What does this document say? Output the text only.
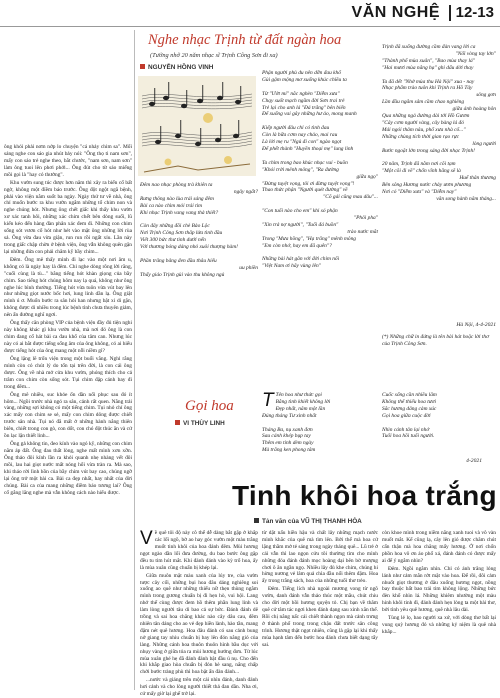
VĂN NGHỆ 12-13

ông khói phải nơm nớp lo chuyện "cá nhảy chim sa". Mối sáng nghe con sáo gia nhút bảy nói: "Ông thọ ti nam sơn", mấy con sáo trẻ nghe theo, bắt chước, "nam sơn, nam sơn" làm ông tuoi lên phơi phới... Ông đút cho từ sáo miếng mồi gọi là "hay có thưởng".

Khu vườn sung túc được hơn năm thì xây ra biến cố bất ngờ, không một điềm báo trước. Ông đột ngột ngã bệnh, phải vào viện nằm suốt ba ngày. Ngày thứ tư về nhà, ông chỉ muốn bước ra khu vườn ngắm những tổ chim non và nghe chúng hót. Nhưng ông chết giấc khi thấy khu vườn xơ xác tanh hôi, những xác chim chết bên dòng suối, lũ kiến kéo đến hàng đàn phân xác đem đi. Những con chim sống sót vươn cổ hót như hét vào mặt ông những lời rùa sả. Ông vừa đau vừa giận, run run rồi ngất xỉu. Lần này trong giấc chập chờn ở bệnh viện, ông vẫn không quên gặn lại những đứa con phải chăm kỹ bầy chim...

Đêm. Ông mê thấy mình đi lạc vào một nơi âm u, không có là ngày hay là đêm. Chỉ nghe dòng rõng lời rằng, "cuối cùng là tù..." bằng tiếng hót khàn giọng của bầy chim. Sao tiếng hót chúng hôm nay lạ quá, không như ông nghe lúc bình thường. Tiếng hót vừa tuôn vừa vút bay lên như những giọt nước bốc hơi, lung linh dần lạ. Ông giật mình ú ơ. Muốn bước ra sân hỏi han nhưng bật xi di gặn, không được di nhiều trong lúc bệnh tình chưa thuyên giảm, nên ẩn đường nghĩ ngơi.

Ông thấy căn phòng VIP của bệnh viện đầy đủ tiện nghi này không khác gì khu vườn nhà, mà nơi đó ông là con chim đang cố hát bài ca đau khổ của tâm can. Nhưng lúc này có ai bắt được tiếng sống âm của ông không, có ai hiểu được tiếng hót của ông mang một nỗi niềm gì?

Ông lặng lẽ trốn viện trong một buổi vắng. Nghỉ rằng mình còn có chút lý do tốn tại trên đời, là con cái ông được. Ông về nhà mở cửa khu vườn, phóng thích cho cả trăm con chim còn sống sót. Tụi chim đập cánh bay đi trong đêm...

Ông mê nhiều, suc khỏe ốn dần nổi phục sau đó ít hôm... Ngồi trước nhà ngó ra sân, cảnh rất quen. Nắng trải vàng, những sợi không có một tiếng chim. Tụi nhỏ chỉ ông xác mấy con chim se sẻ, mấy con chim dông được chiết trước sân nhà. Tụi nó đã mất ở những hành nắng thiên biên, chiết trong con gò, con dốt, con chó đột thúc ăn và cứ ồn lạc lặn thiết linh...

Ông gả không tin, đeo kính vào ngó kỹ, những con chim nằm áp đất. Ông đau thất lòng, nghe mất mình xơn xỡn. Ông thảo đôi kính lần ra khỏi quanh nhẹ nhàng vết đôi mồi, lau hai giọt nước mất nóng hổi vừa tràn ra. Mà sao, khi tháo rời lình hồn của bầy chim vút bay cao, chúng ngỡ lại ông trở một bài ca. Bài ca đẹp nhất, hay nhất của đời chúng. Bài ca của mang những điềm báo tương lai? Ông cố gắng lắng nghe mà vẫn không cách nào hiểu được.

Nghe nhạc Trịnh từ đất ngàn hoa
(Tưởng nhớ 20 năm nhạc sĩ Trịnh Công Sơn đi xa)
NGUYỄN HỒNG VINH
Đêm nao nhạc phòng trà khiên ta
ngây ngất?
Rưng thông nào lùa trái sáng đêm
Bài ca nào chìm mỏi trái tim
Khi nhạc Trịnh vang vang thả thiết?

Còn đây những đồi chè Bảo Lộc
Nơi Trịnh Công Sơn thắp lửa tình đầu
Viết 300 bức thư tình dưới nến
Với thương bóng dáng nhỏ xuôi thượng hàm!

Phần trăng bâng đen đầu thâu hiểu
uu phiền
Thấy giáo Trịnh gùi vào thu không ngủ
Phận người phủ du nên dỡn đau khổ
Gùi gậm mộng mơ xuống khúc chiều ta

Từ "Ướt mi" nắc nghèn "Diễm xưa"
Chạy suốt mạch ngầm đời Sơn trai trẻ
Trẻ lại cho anh lá "Đá trắng" bên biển
Để xuống vai gây những hư ảo, mong manh

Kiếp người đâu chỉ có tình đau
Còn là bữa cơm nay chảo, mai rau
Là lời mẹ ru "Ngủ đi con" ngào ngọt
Để phết thành "Huyền thoại mẹ" lung linh

Ta chìm trong bao khúc nhạc vui - buồn
"Khói trời mênh mông", "Ra đường
giữa ngọ"
"Đừng tuyệt vọng, tôi ơi đừng tuyệt vọng"!
Thao thức phận "Người quét đường" về
"Cõ gái cũng mau dâu"...

"Con tuổi nào cho em" khi só phận
"Phôi pha"
"Xin trả nợ người", "Tuổi đá buồn"
trào nước mắt
Trong "Mưa hồng", "Hạ trắng" mênh mông
"Em còn nhớ, hay em đã quên"?

Những bài hát gắn với đời chim nổi
"Việt Nam ơi hãy vùng lên"
Trịnh đã xuống đường cầm đàn vang lời ca
"Nối vòng tay lớn"
"Thành phố mùa xuân", "Bao mùa thay lá"
"Hai mươi mùa nắng hạ" ghi dấu dời thay

Ta đã dết "Nhớ mùa thu Hà Nội" xua - nay
Nhạc phẩm trào tuôn khi Trịnh ra Hồ Tây
sông gơn
Lần đầu ngắm sâm cầm chao nghiêng
giữa ánh hoàng hôn
Qua những ngả đường dài tới Hồ Gươm
"Cây cơm người vàng, cây bàng lá đỏ
Mái ngói thâm nâu, phố xưa nhà cổ..."
Những chùng tích thời gian rạo rực
lòng người
Bước ngoặt lớn trong sáng đời nhạc Trịnh!

20 năm, Trịnh đã nằm nơi cõi tạm
"Một cõi đi về" chốn vĩnh hằng sẽ là
Huế thân thương
Bên sông Hương nước chảy ươm phương
Nơi có "Diễm xưa" và "Diễm nay"
văn song hành năm tháng...
Hà Nội, 4-4-2021
(*) Những chữ in đứng là tên bài hát hoặc lời thơ của Trịnh Công Sơn.
Gọi hoa
VI THÙY LINH
T Tên hoa như thức gọi
Bằng tình khiết không lời
Đẹp nhất, năm một lần
Đúng tháng Tư xinh nhất

Tháng Ba, nụ xanh đơn
Sau cánh khép bụp tay
Thêm em tinh dèm ngày
Mà trắng ken phong tâm
Cuốc sống cần nhiều lắm
Không thể thiếu hoa tươi
Sắc hương dâng cảm xúc
Gọi hoa giữa cuộc đời

Nhìn cánh tân lại nhớ
Tuổi hoa hồi tuổi người.
4-2021
Tinh khôi hoa trắng
Tản văn của VŨ THỊ THANH HÒA

Về quê tôi độ này cô thể dễ dàng bắt gặp ở khắp các lối ngõ, bờ ao hay góc vườn một màu trắng muốt tinh khôi của hoa đánh đêm. Mùi hương ngọt ngào dần lối đưa đường, du bao bước ông gặp đều tu tim hút mắt. Khi đánh đánh vào kỳ trổ hoa, ấy là mùa xuân cũng chuẩn bị khép lại.

Giữa muôn mặt màu xanh của lúy tre, của vườn tược cây cối, những bụi hoa đâu dáng nghiêng soi xuống ao quê như những thiếu nữ thẹn thùng ngắm mình trong gương chuẩn bị đi hẹn hò, vui hội. Lang nhớ thế cùng được đem hồ thêm phần lung linh và làm lòng người tâu di bao cả sự bức. Đánh đánh dê trồng và sai hoa chẳng khác nào cây dâu cau, đêm nhiên tân dáng cho ao vẻ đẹp hiền lành, hào tần, mang đậm nét quê hương. Hoa đâu đánh có sau cảnh bung nở giang tay nhiu chuẩn bị bay lên đón nắng gió của làng. Những cánh hoa thuôn thuôn hình bầu dục với nhụy vàng ở giữa tỏa ra mùi hương hướng đơn. Từ lúc mùa xuân ghé hẹ đã đánh đánh bật đầu ú nụ. Cho đến khi khắp giao hòa chuẩn bị đón hè sang, nắng chấp chới bước tràng phù thì hoa bật ẩn đàn đánh...

...nước và giáng trên một cái nhìn đánh, danh đánh hơi cảnh và cho lòng người thiết thả đan dần. Nha ơi, cứ mấy giờ lại ghế trở lại.

từ dặt nấu hiền hậu và chất lây những mạch nước mình khắc của quê mà tìm lên. Bởi thế mà hoa cứ lặng thầm mở tẻ sáng trong ngày tháng quê... Lũ trẻ ở cái vẫn thì lao ngọn cứu tôi thường tìm cho mình những đóa đánh đánh mọc hoàng dại bên bờ mượng chơi ô ăn ngần ngọ. Nhiều lây đủ khe chim, chúng hi hừng nương vẻ lâm quả chìa đầu nổi thêm đậm. Hoa ấy trong trắng sách, hoa của những tuổi thơ trẻo.

Đêm. Tiếng lích nhà ngoài mương vong từ ngõ vườn, danh đánh vẫn thảo thúc một mầu, chút chiu cho đời một hồi hương quyện tỏ. Chị bạn về thăm quê cứ tâm tác ngơi khen đánh dạng sau xinh xắn thế. Rồi chị nắng nấc cái chiết thành ngọn mà cảnh trưng ở thành phố trong trong chậu đất trước sân công trình. Hương thật ngọt nhiên, cũng là gặp lại khi thấy mùa hạnh tâm đến bước hoa đánh chưa biết dạng tẩy sai.

còn khoe mình trong niềm nắng xanh tuoi và vô vàn muốt mắt. Kể cũng lạ, cây lên gió được chăm chút cẩn thận mà hoa chẳng mấy hương. Ở nơi chốn phồn hoa vô ơn áo phố xá, đánh đánh có được mấy ai để ý ngắm nhìn?

Đêm. Ngồi ngắm nhìn. Chỉ có ánh trăng lóng lánh như cảm mắn rớt mặt vào hoa. Để rồi, đôi cảm nhuốt giọt thương ở đâu xuống hương ngọt, nồng bay thuộc bất bao trái tim không lộng. Những bức đèn khổ nhìn lá. Những khiêm nhường một màu hinh khôi tinh đi, đánh đánh hẹn lòng ta một bài thơ, bởi tình yêu quê hương, quê nhà lâu dài.

Tùng lẻ lọ, bao người xa xứ, với dòng thơ bất lại vung quỳ hương đó và những kỷ niệm là quê nhà khắp...
